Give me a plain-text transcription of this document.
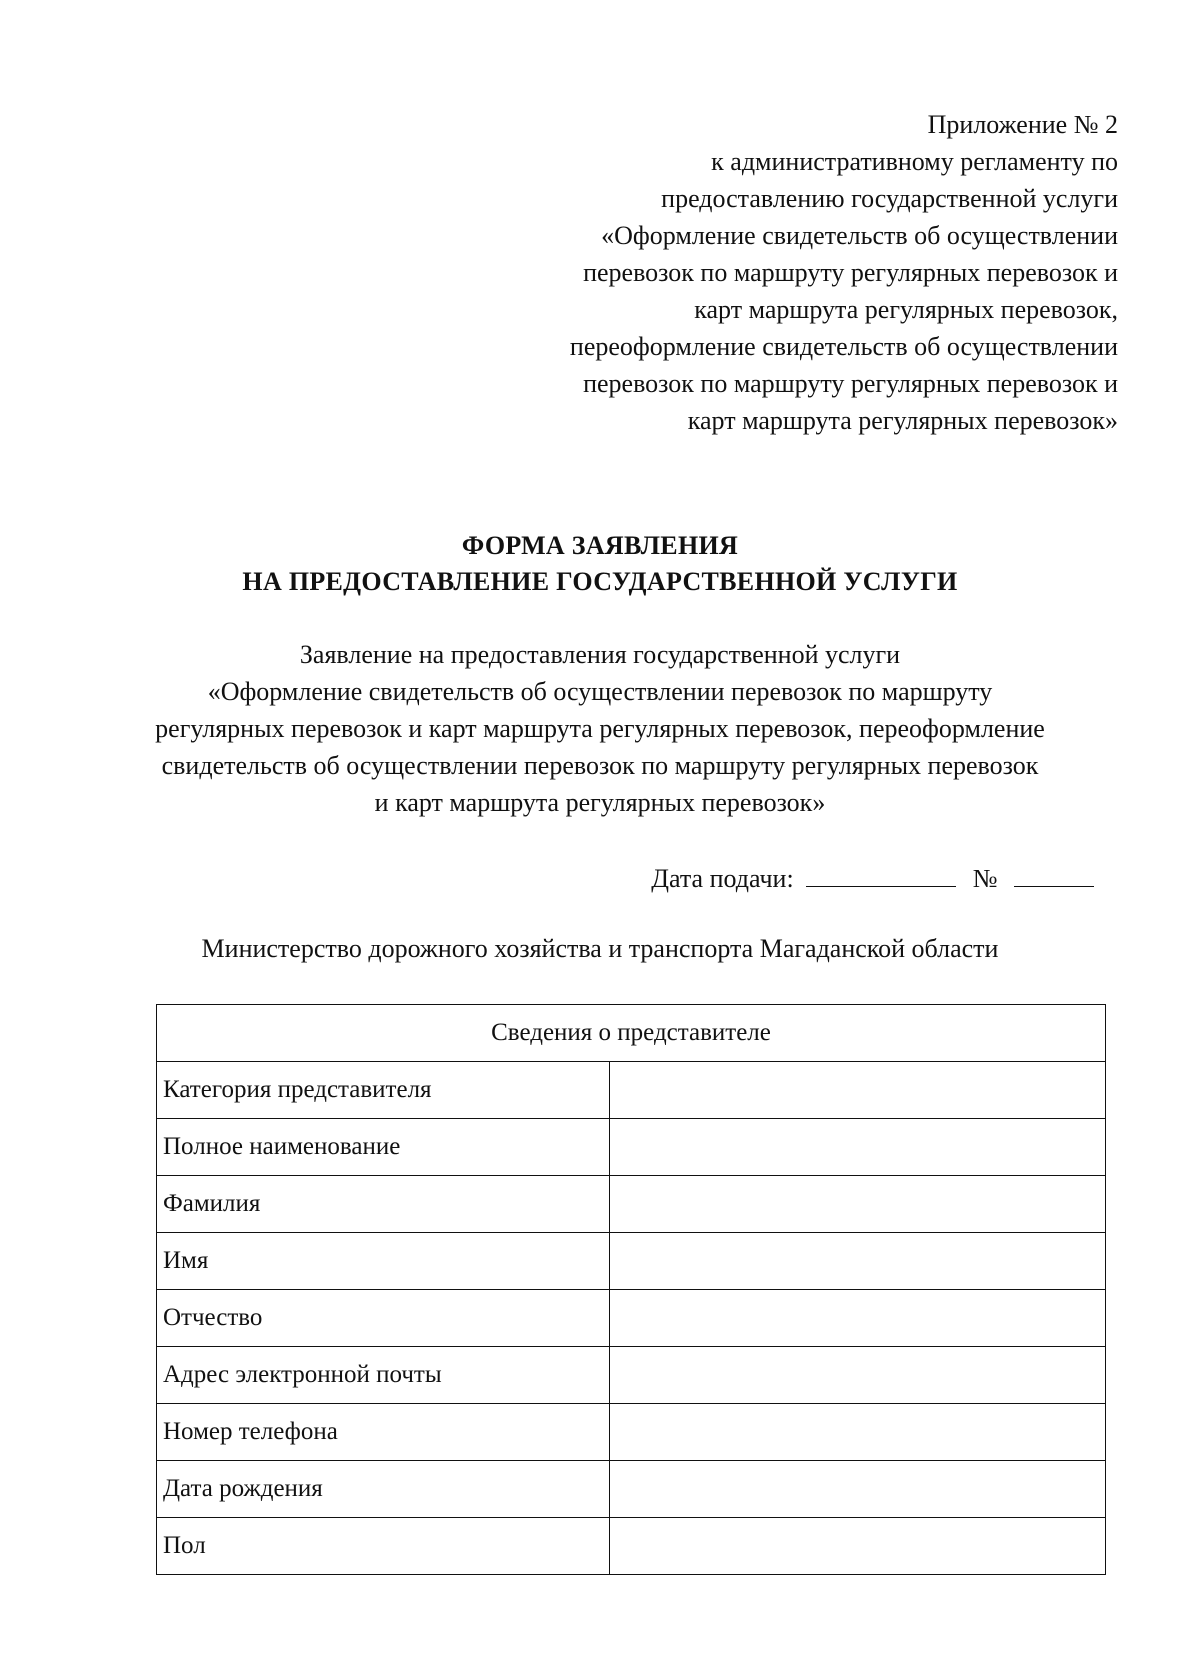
Приложение № 2
к административному регламенту по
предоставлению государственной услуги
«Оформление свидетельств об осуществлении
перевозок по маршруту регулярных перевозок и
карт маршрута регулярных перевозок,
переоформление свидетельств об осуществлении
перевозок по маршруту регулярных перевозок и
карт маршрута регулярных перевозок»
ФОРМА ЗАЯВЛЕНИЯ
НА ПРЕДОСТАВЛЕНИЕ ГОСУДАРСТВЕННОЙ УСЛУГИ
Заявление на предоставления государственной услуги
«Оформление свидетельств об осуществлении перевозок по маршруту
регулярных перевозок и карт маршрута регулярных перевозок, переоформление
свидетельств об осуществлении перевозок по маршруту регулярных перевозок
и карт маршрута регулярных перевозок»
Дата подачи:	№
Министерство дорожного хозяйства и транспорта Магаданской области
Сведения о представителе	
Категория представителя	
Полное наименование	
Фамилия	
Имя	
Отчество	
Адрес электронной почты	
Номер телефона	
Дата рождения	
Пол	
